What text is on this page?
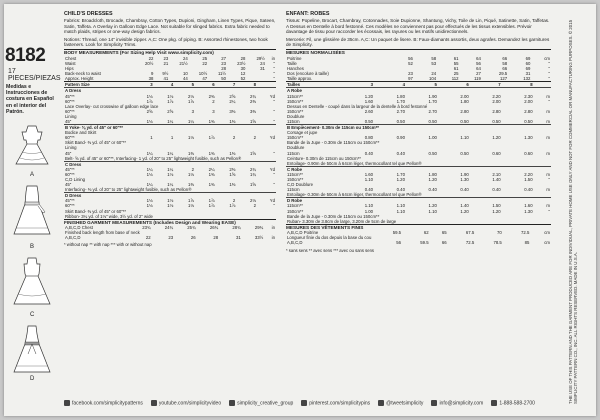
8182
17 PIECES/PIEZAS
Medidas e Instrucciones de costura en Español en el interior del Patrón.
A
B
C
D
CHILD'S DRESSES
Fabrics: Broadcloth, Brocade, Chambray, Cotton Types, Dupioni, Gingham, Linen Types, Pique, Sateen, Satin, Taffeta. A Overlay in Galloon Edge Lace. Not suitable for slinged fabrics. Extra fabric needed to match plaids, stripes or one-way design fabrics.
Notions: Thread, one 14" invisible zipper. A,C: One pkg. of piping. B: Assorted rhinestones, two hook fasteners. Look for Simplicity Trims.
BODY MEASUREMENTS (For Sizing Help Visit www.simplicity.com)
Chest	22	23	24	25	27	28	29½	in
Waist	20½	21	21½	22	23	23½	24	"
Hips					28	30	31	"
Back-neck to waist	9	9½	10	10½	11½	12		"
Approx. Height	38	41	44	47	50	52		"
Pattern Size	3	4	5	6	7	8	
A Dress							
45"**	1⅛	1⅛	2⅛	2⅜	2⅝	2¾	Yd
60"**	1⅞	1⅞	1⅞	2	2¼	2⅜	"
Lace Overlay- cut crosswise of galloon edge lace							
60"**	2⅝	2⅝	3	3	3⅜	3⅜	"
Lining							
45"	1⅛	1¼	1¼	1⅜	1⅜	1⅝	"
B Yoke- ⅜ yd. of 45" or 60"**							
Bodice and Skirt							
60"**	1	1	1⅛	1⅞	2	2	Yd
Skirt Band- ⅜ yd. of 45" or 60"**							
Lining							
45"	1¼	1¼	1⅜	1⅜	1⅜	1⅝	"
Belt- ⅝ yd. of 45" or 60"**, Interfacing- 1 yd. of 20" to 25" lightweight fusible, such as Pellon®							
C Dress							
45"**	1¼	1¼	2	2¼	2⅜	2¾	Yd
60"**	1⅛	1⅛	1⅛	1⅜	1⅝	1¾	"
C,D Lining							
45"	1¼	1¼	1⅜	1⅜	1⅜	1⅝	"
Interfacing- ⅜ yd. of 20" to 25" lightweight fusible, such as Pellon®							
D Dress							
45"**	1⅛	1⅛	1⅞	1⅞	2	2⅛	Yd
60"**	1⅛	1⅛	1⅛	1⅞	1⅞	2	"
Skirt Band- ⅜ yd. of 45" or 60"**							
Ribbon- 3¼ yd. of 1⅛" wide, 3½ yd. of 2" wide							
FINISHED GARMENT MEASUREMENTS (Includes Design and Wearing EASE)
A,B,C,D Chest	23¾	24¾	25¾	26¾	28¾	29¾	in
Finished back length from base of neck							
A,B,C,D	22	23	26	28	31	33½	in
* without nap ** with nap *** with or without nap
ENFANT: ROBES
Tissus: Popeline, Brocart, Chambray, Cotonnades, Soie Dupionne, Shantung, Vichy, Toile de Lin, Piqué, Satinette, Satin, Taffetas. A Dessus en Dentelle à bord festonné. Ces modèles ne conviennent pas pour effectués de les tissus extensibles. Prévoir davantage de tissu pour raccorder les écossais, les rayures ou les motifs unidirectionnels.
Mercerie: Fil, une glissière de 35cm. A,C: Un paquet de lisere. B: Faux-diamants assortis, deux agrafes. Demandez les garnitures de Simplicity.
MESURES NORMALISÉES
Poitrine	56	58	61	64	66	69	cm
Taille	52	53	55	56	58	60	"
Hanches			61	64	66	69	"
Dos (encolure à taille)	23	24	25	27	29.5	31	"
Taille approx.	97	104	112	119	127	132	"
Tailles	3	4	5	6	7	8	
A Robe							
115cm**	1.20	1.80	1.90	2.00	2.20	2.30	m
150cm**	1.60	1.70	1.70	1.80	2.00	2.00	"
Dessus en Dentelle - coupé dans la largeur de la dentelle à bord festonné							
150cm**	2.60	2.70	2.70	2.80	2.80	2.80	m
Doublure							
115cm	0.50	0.50	0.50	0.50	0.50	0.50	m
B Empiècement- 0.30m de 115cm ou 150cm**							
Corsage et jupe							
150cm**	0.80	0.90	1.00	1.10	1.20	1.30	m
Bande de la Jupe - 0.30m de 115cm ou 150cm**							
Doublure							
115cm	0.40	0.40	0.50	0.50	0.60	0.60	m
Ceinture- 0.30m de 115cm ou 150cm**							
Entoilage- 0.90m de 50cm à 64cm léger, thermocollant tel que Pellon®							
C Robe							
115cm**	1.60	1.70	1.80	1.90	2.10	2.20	m
150cm**	1.10	1.20	1.20	1.30	1.40	1.50	"
C,D Doublure							
115cm	0.40	0.40	0.40	0.40	0.40	0.40	m
Entoilage- 0.30m de 50cm à 64cm léger, thermocollant tel que Pellon®							
D Robe							
115cm**	1.10	1.10	1.20	1.40	1.50	1.60	m
150cm**	1.00	1.10	1.10	1.20	1.20	1.30	"
Bande de la Jupe - 0.30m de 115cm ou 150cm**							
Ruban- 3.30m de 3.8cm de large, 3.20m de 5cm de large							
MESURES DES VÊTEMENTS FINIS
A,B,C,D Poitrine	59.5	62	65	67.5	70	72.5	cm
Longueur finie du dos depuis la base du cou							
A,B,C,D	56	59.5	66	72.5	78.5	85	cm
* sans sens ** avec sens *** avec ou sans sens	THE USE OF THIS PATTERN AND THE GARMENT PRODUCED ARE FOR INDIVIDUAL, PRIVATE HOME USE ONLY AND NOT FOR COMMERCIAL OR MANUFACTURING PURPOSES. © 2015 SIMPLICITY PATTERN CO., INC. ALL RIGHTS RESERVED. MADE IN U.S.A.
facebook.com/simplicitypatterns	youtube.com/simplicityvideo	simplicity_creative_group	pinterest.com/simplicitypins	@tweetsimplicity	info@simplicity.com	1-888-588-2700
